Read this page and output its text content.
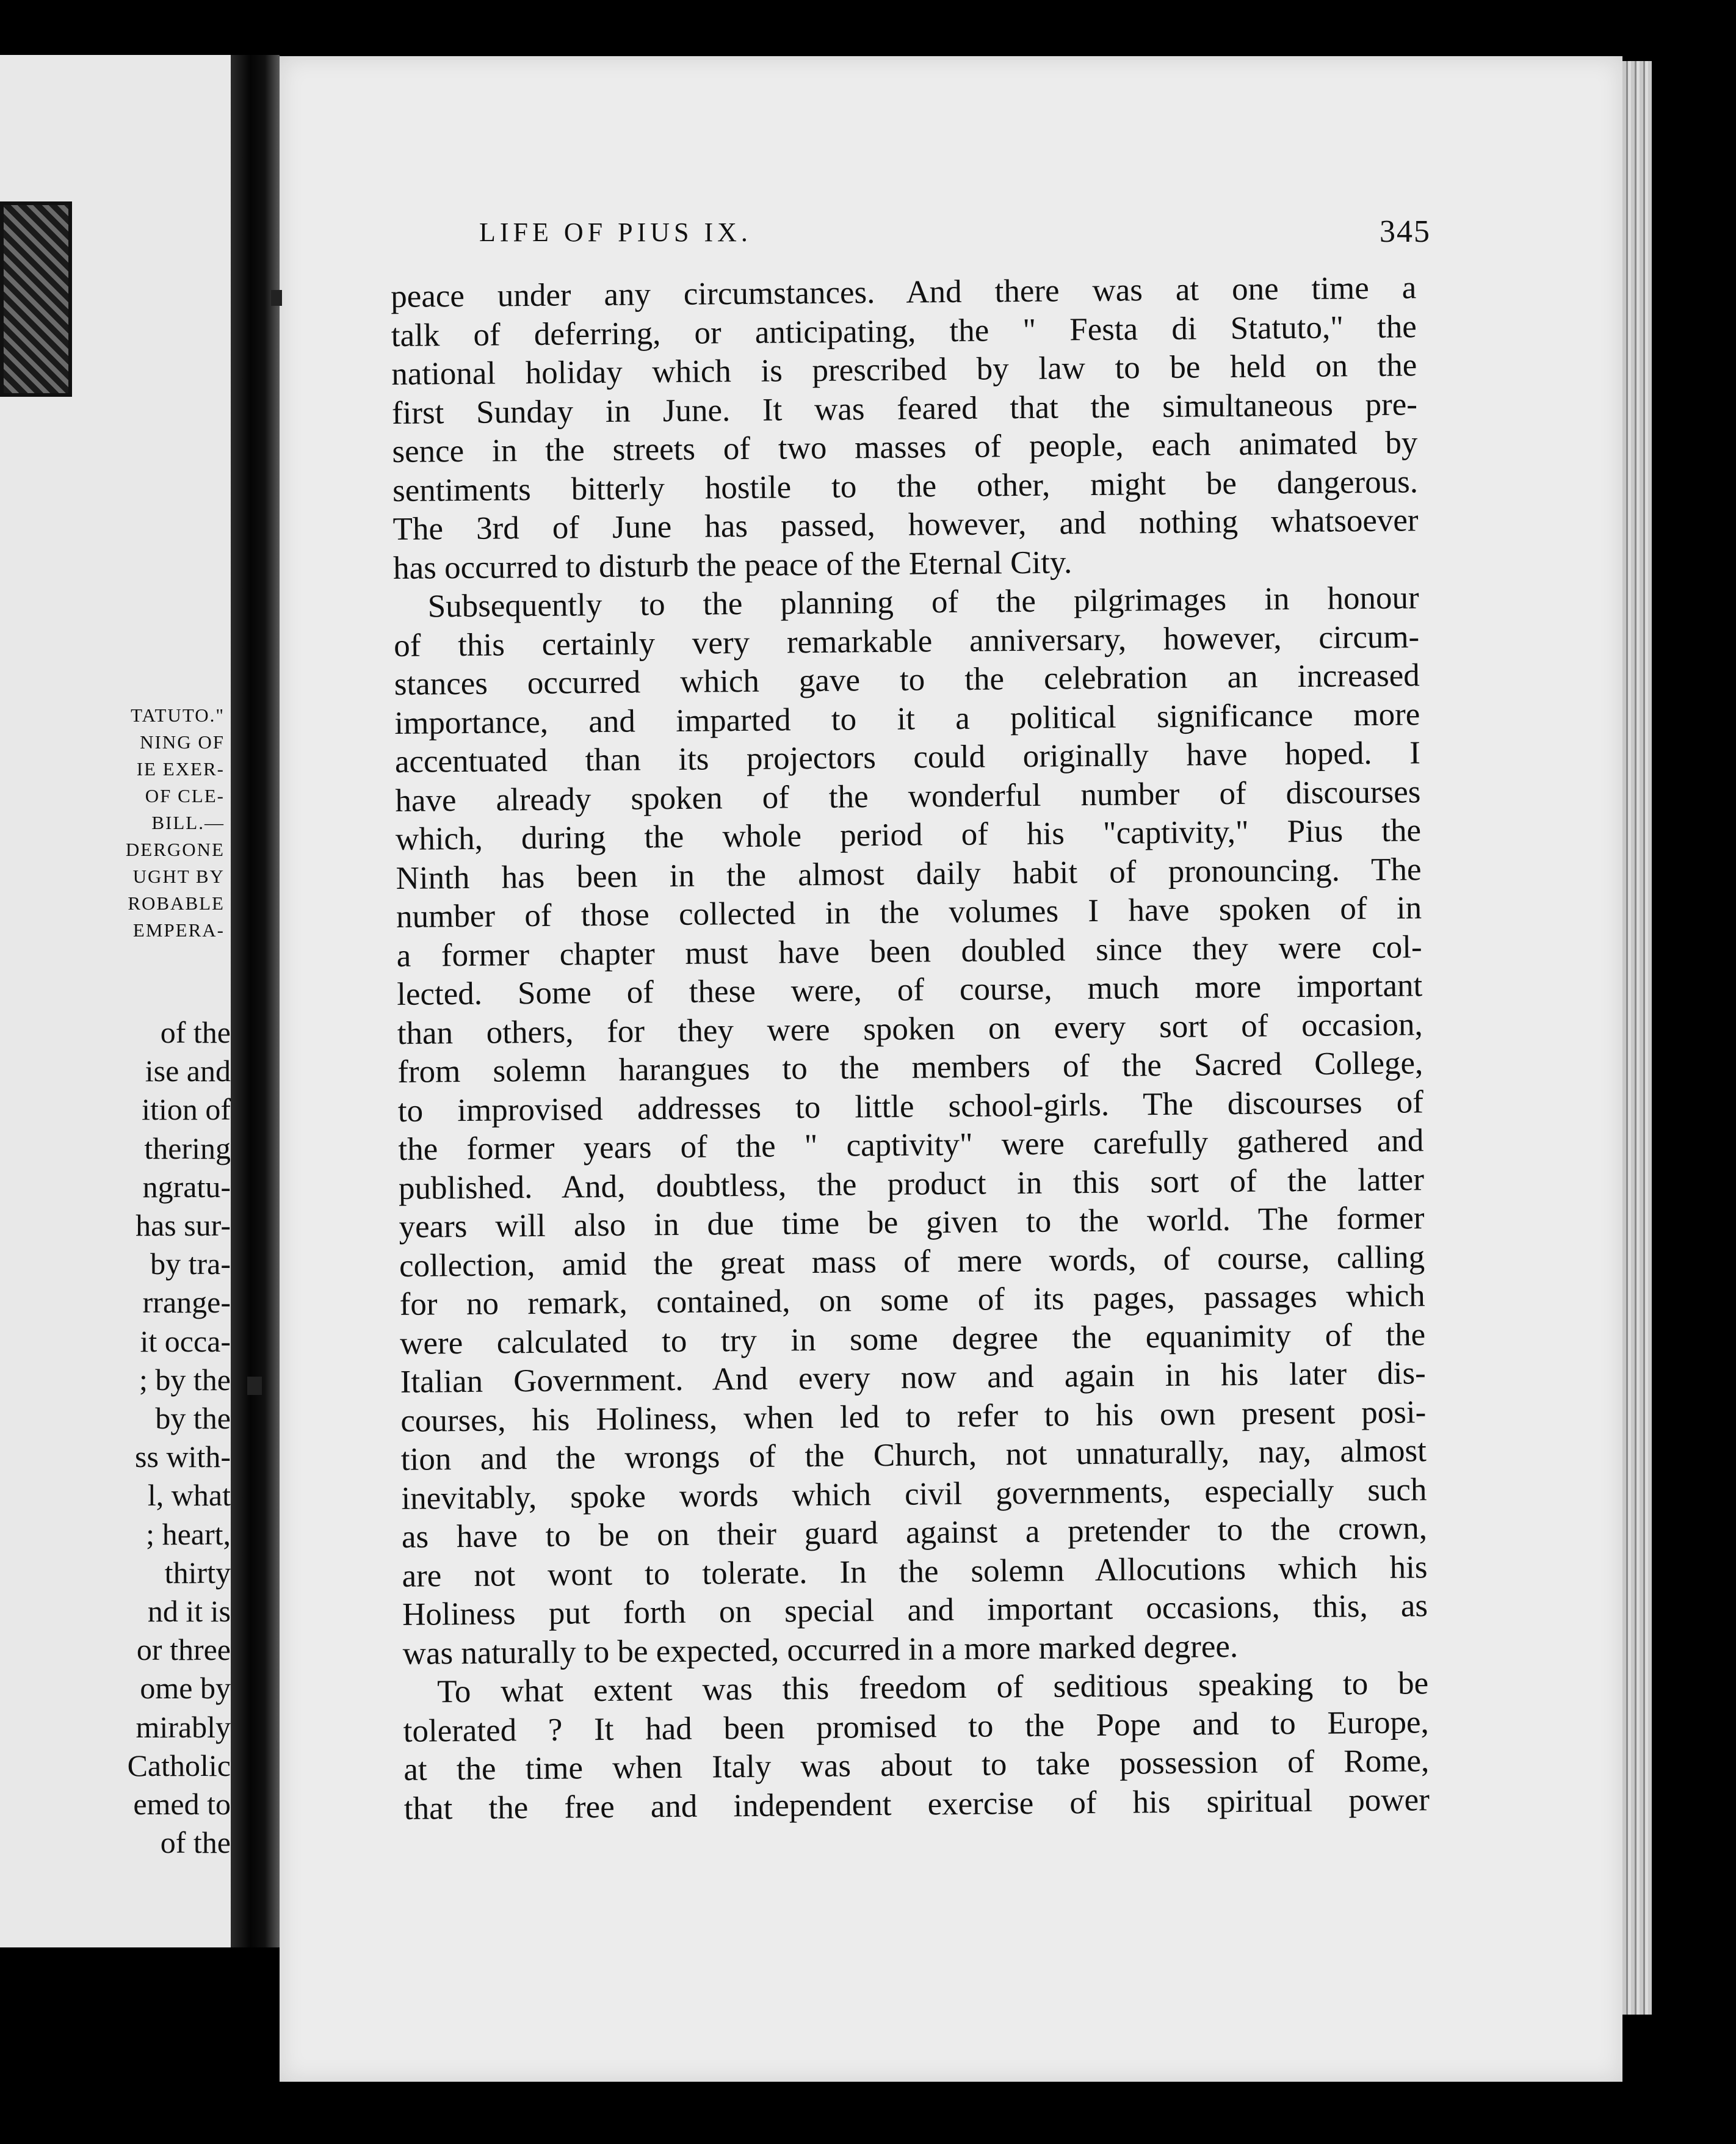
TATUTO."
NING OF
IE EXER-
OF CLE-
BILL.—
DERGONE
UGHT BY
ROBABLE
EMPERA-
of the
ise and
ition of
thering
ngratu-
has sur-
by tra-
rrange-
it occa-
; by the
by the
ss with-
l, what
; heart,
thirty
nd it is
or three
ome by
mirably
Catholic
emed to
of the
LIFE OF PIUS IX.	345
peace under any circumstances. And there was at one time a
talk of deferring, or anticipating, the " Festa di Statuto," the
national holiday which is prescribed by law to be held on the
first Sunday in June. It was feared that the simultaneous pre-
sence in the streets of two masses of people, each animated by
sentiments bitterly hostile to the other, might be dangerous.
The 3rd of June has passed, however, and nothing whatsoever
has occurred to disturb the peace of the Eternal City.
Subsequently to the planning of the pilgrimages in honour
of this certainly very remarkable anniversary, however, circum-
stances occurred which gave to the celebration an increased
importance, and imparted to it a political significance more
accentuated than its projectors could originally have hoped. I
have already spoken of the wonderful number of discourses
which, during the whole period of his "captivity," Pius the
Ninth has been in the almost daily habit of pronouncing. The
number of those collected in the volumes I have spoken of in
a former chapter must have been doubled since they were col-
lected. Some of these were, of course, much more important
than others, for they were spoken on every sort of occasion,
from solemn harangues to the members of the Sacred College,
to improvised addresses to little school-girls. The discourses of
the former years of the " captivity" were carefully gathered and
published. And, doubtless, the product in this sort of the latter
years will also in due time be given to the world. The former
collection, amid the great mass of mere words, of course, calling
for no remark, contained, on some of its pages, passages which
were calculated to try in some degree the equanimity of the
Italian Government. And every now and again in his later dis-
courses, his Holiness, when led to refer to his own present posi-
tion and the wrongs of the Church, not unnaturally, nay, almost
inevitably, spoke words which civil governments, especially such
as have to be on their guard against a pretender to the crown,
are not wont to tolerate. In the solemn Allocutions which his
Holiness put forth on special and important occasions, this, as
was naturally to be expected, occurred in a more marked degree.
To what extent was this freedom of seditious speaking to be
tolerated ? It had been promised to the Pope and to Europe,
at the time when Italy was about to take possession of Rome,
that the free and independent exercise of his spiritual power
